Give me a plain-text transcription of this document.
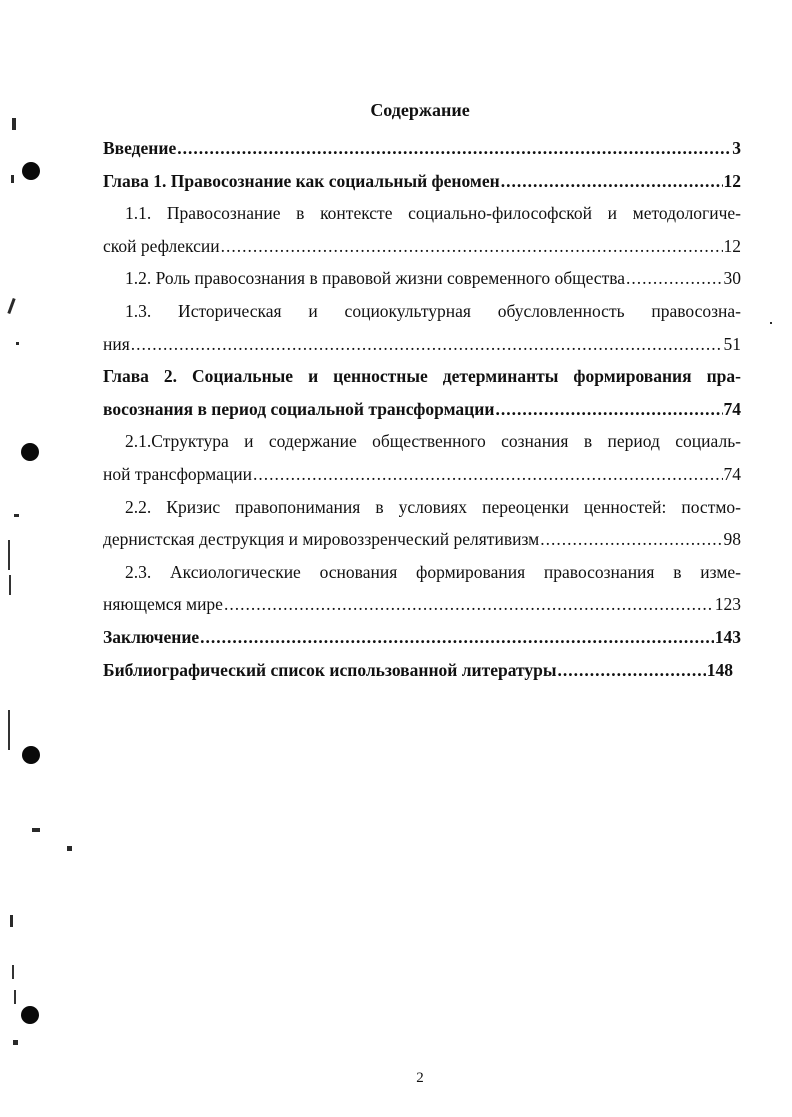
Содержание
Введение .....	3
Глава 1. Правосознание как социальный феномен .....	12
1.1. Правосознание в контексте социально-философской и методологиче-
ской рефлексии .....	12
1.2. Роль правосознания в правовой жизни современного общества .....	30
1.3. Историческая и социокультурная обусловленность правосозна-
ния .....	51
Глава 2. Социальные и ценностные детерминанты формирования пра-
восознания в период социальной трансформации .....	74
2.1.Структура и содержание общественного сознания в период социаль-
ной трансформации .....	74
2.2. Кризис правопонимания в условиях переоценки ценностей: постмо-
дернистская деструкция и мировоззренческий релятивизм .....	98
2.3. Аксиологические основания формирования правосознания в изме-
няющемся мире .....	123
Заключение .....	143
Библиографический список использованной литературы .....	148
2
